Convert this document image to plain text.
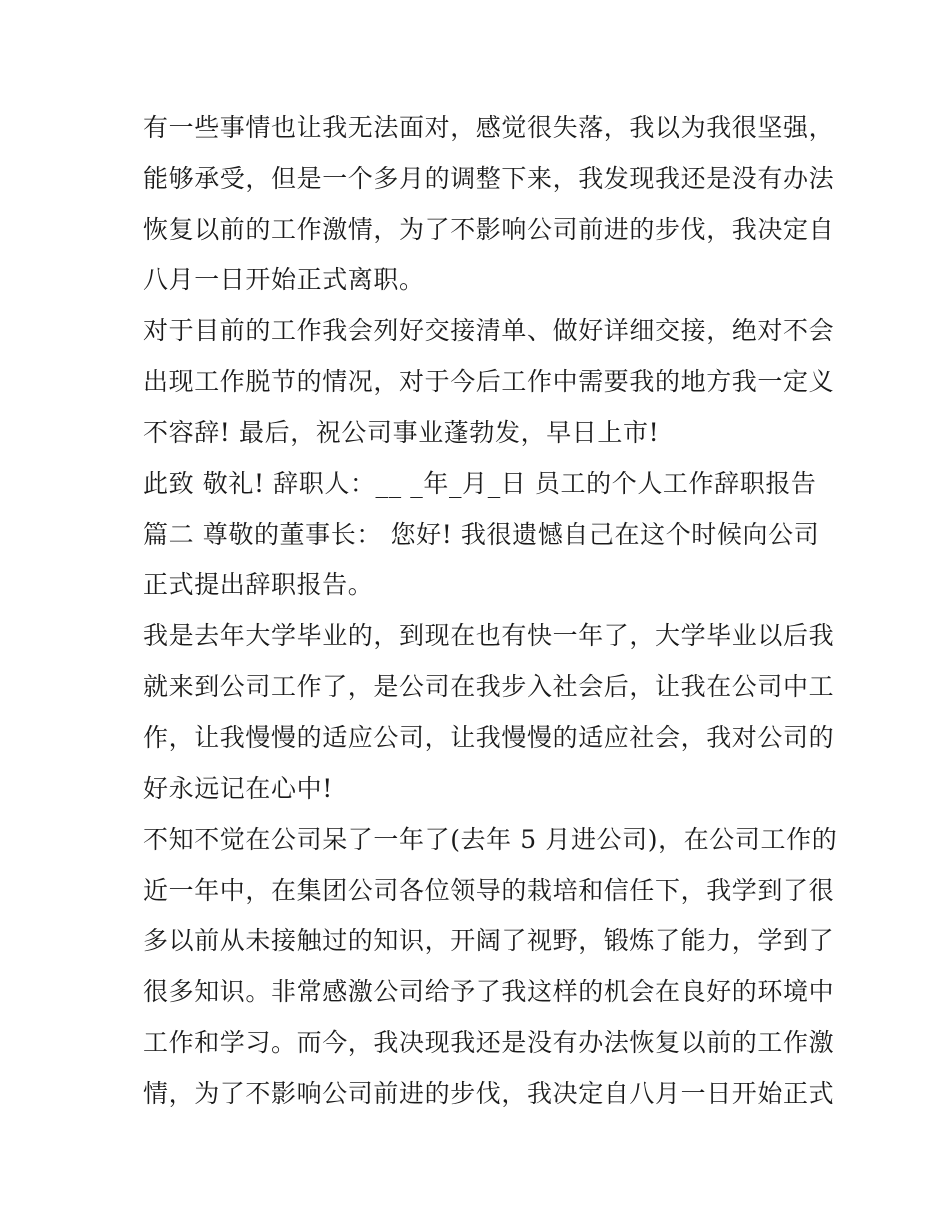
有一些事情也让我无法面对，感觉很失落，我以为我很坚强，
能够承受，但是一个多月的调整下来，我发现我还是没有办法
恢复以前的工作激情，为了不影响公司前进的步伐，我决定自
八月一日开始正式离职。
对于目前的工作我会列好交接清单、做好详细交接，绝对不会
出现工作脱节的情况，对于今后工作中需要我的地方我一定义
不容辞! 最后，祝公司事业蓬勃发，早日上市!
此致 敬礼! 辞职人：__ _年_月_日 员工的个人工作辞职报告
篇二 尊敬的董事长： 您好! 我很遗憾自己在这个时候向公司
正式提出辞职报告。
我是去年大学毕业的，到现在也有快一年了，大学毕业以后我
就来到公司工作了，是公司在我步入社会后，让我在公司中工
作，让我慢慢的适应公司，让我慢慢的适应社会，我对公司的
好永远记在心中!
不知不觉在公司呆了一年了(去年 5 月进公司)，在公司工作的
近一年中，在集团公司各位领导的栽培和信任下，我学到了很
多以前从未接触过的知识，开阔了视野，锻炼了能力，学到了
很多知识。非常感激公司给予了我这样的机会在良好的环境中
工作和学习。而今，我决现我还是没有办法恢复以前的工作激
情，为了不影响公司前进的步伐，我决定自八月一日开始正式
